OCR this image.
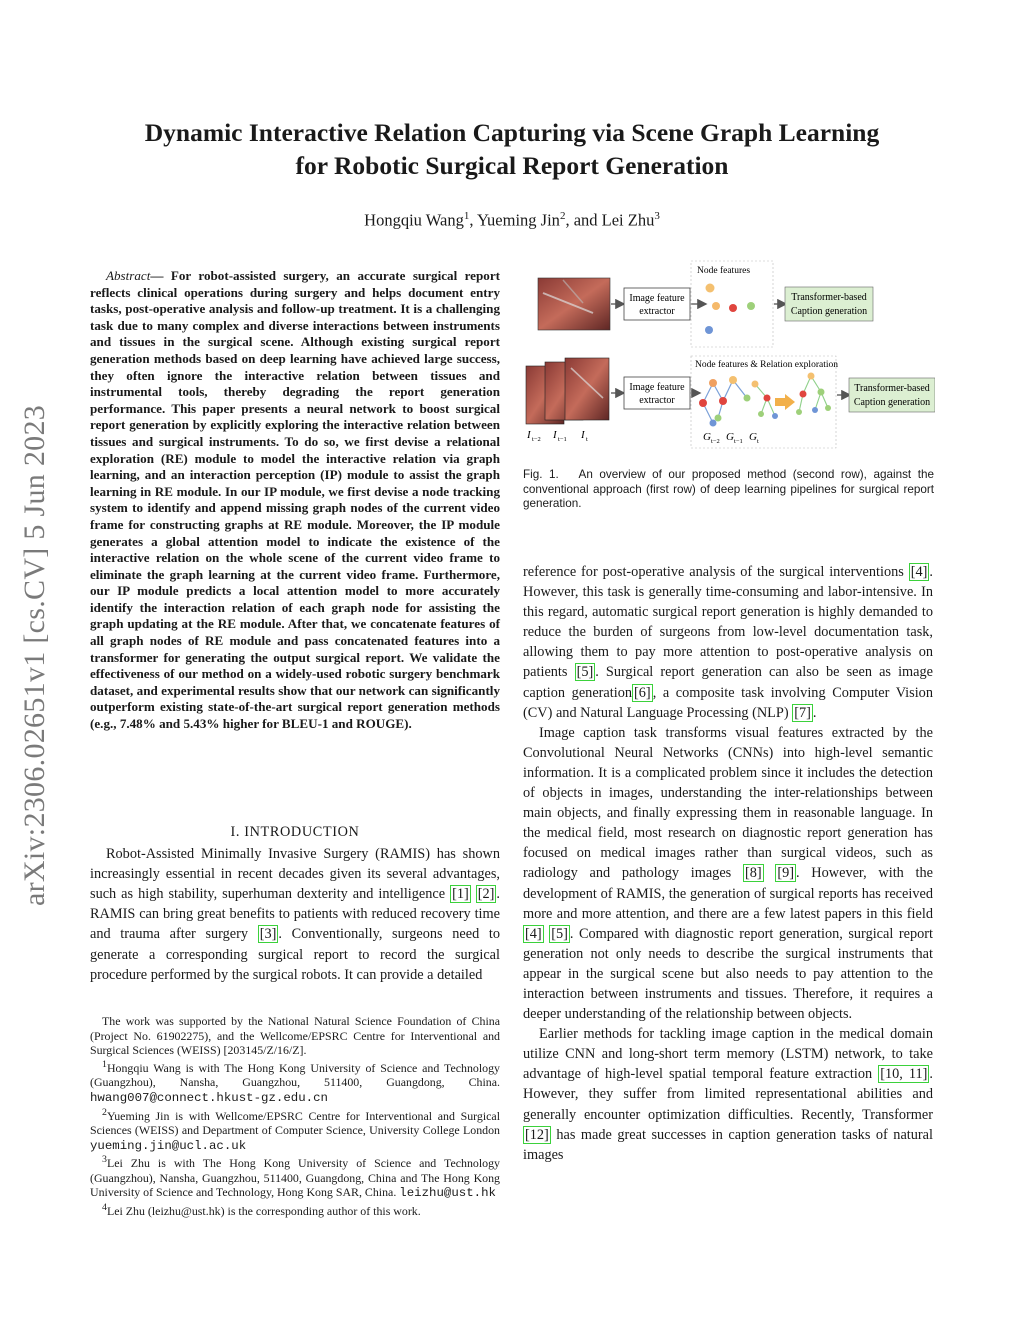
arXiv:2306.02651v1 [cs.CV] 5 Jun 2023
Dynamic Interactive Relation Capturing via Scene Graph Learning
for Robotic Surgical Report Generation
Hongqiu Wang$^1$, Yueming Jin$^2$, and Lei Zhu$^3$

Abstract— For robot-assisted surgery, an accurate surgical report reflects clinical operations during surgery and helps document entry tasks, post-operative analysis and follow-up treatment. It is a challenging task due to many complex and diverse interactions between instruments and tissues in the surgical scene. Although existing surgical report generation methods based on deep learning have achieved large success, they often ignore the interactive relation between tissues and instrumental tools, thereby degrading the report generation performance. This paper presents a neural network to boost surgical report generation by explicitly exploring the interactive relation between tissues and surgical instruments. To do so, we first devise a relational exploration (RE) module to model the interactive relation via graph learning, and an interaction perception (IP) module to assist the graph learning in RE module. In our IP module, we first devise a node tracking system to identify and append missing graph nodes of the current video frame for constructing graphs at RE module. Moreover, the IP module generates a global attention model to indicate the existence of the interactive relation on the whole scene of the current video frame to eliminate the graph learning at the current video frame. Furthermore, our IP module predicts a local attention model to more accurately identify the interaction relation of each graph node for assisting the graph updating at the RE module. After that, we concatenate features of all graph nodes of RE module and pass concatenated features into a transformer for generating the output surgical report. We validate the effectiveness of our method on a widely-used robotic surgery benchmark dataset, and experimental results show that our network can significantly outperform existing state-of-the-art surgical report generation methods (e.g., 7.48% and 5.43% higher for BLEU-1 and ROUGE).

I. INTRODUCTION

Robot-Assisted Minimally Invasive Surgery (RAMIS) has shown increasingly essential in recent decades given its several advantages, such as high stability, superhuman dexterity and intelligence [1] [2] . RAMIS can bring great benefits to patients with reduced recovery time and trauma after surgery [3] . Conventionally, surgeons need to generate a corresponding surgical report to record the surgical procedure performed by the surgical robots. It can provide a detailed

The work was supported by the National Natural Science Foundation of China (Project No. 61902275), and the Wellcome/EPSRC Centre for Interventional and Surgical Sciences (WEISS) [203145/Z/16/Z].
$^1$Hongqiu Wang is with The Hong Kong University of Science and Technology (Guangzhou), Nansha, Guangzhou, 511400, Guangdong, China. hwang007@connect.hkust-gz.edu.cn
$^2$Yueming Jin is with Wellcome/EPSRC Centre for Interventional and Surgical Sciences (WEISS) and Department of Computer Science, University College London yueming.jin@ucl.ac.uk
$^3$Lei Zhu is with The Hong Kong University of Science and Technology (Guangzhou), Nansha, Guangzhou, 511400, Guangdong, China and The Hong Kong University of Science and Technology, Hong Kong SAR, China. leizhu@ust.hk
$^4$Lei Zhu (leizhu@ust.hk) is the corresponding author of this work.
Image feature
extractor
Node features
Transformer-based
Caption generation
I t−2 I t−1 I t
Image feature
extractor
Node features & Relation exploration
G t−2 G t−1 G t
Transformer-based
Caption generation
Fig. 1. An overview of our proposed method (second row), against the conventional approach (first row) of deep learning pipelines for surgical report generation.

reference for post-operative analysis of the surgical interventions [4] . However, this task is generally time-consuming and labor-intensive. In this regard, automatic surgical report generation is highly demanded to reduce the burden of surgeons from low-level documentation task, allowing them to pay more attention to post-operative analysis on patients [5] . Surgical report generation can also be seen as image caption generation [6] , a composite task involving Computer Vision (CV) and Natural Language Processing (NLP) [7] .

Image caption task transforms visual features extracted by the Convolutional Neural Networks (CNNs) into high-level semantic information. It is a complicated problem since it includes the detection of objects in images, understanding the inter-relationships between main objects, and finally expressing them in reasonable language. In the medical field, most research on diagnostic report generation has focused on medical images rather than surgical videos, such as radiology and pathology images [8] [9] . However, with the development of RAMIS, the generation of surgical reports has received more and more attention, and there are a few latest papers in this field [4] [5] . Compared with diagnostic report generation, surgical report generation not only needs to describe the surgical instruments that appear in the surgical scene but also needs to pay attention to the interaction between instruments and tissues. Therefore, it requires a deeper understanding of the relationship between objects.

Earlier methods for tackling image caption in the medical domain utilize CNN and long-short term memory (LSTM) network, to take advantage of high-level spatial temporal feature extraction [10, 11] . However, they suffer from limited representational abilities and generally encounter optimization difficulties. Recently, Transformer [12] has made great successes in caption generation tasks of natural images
